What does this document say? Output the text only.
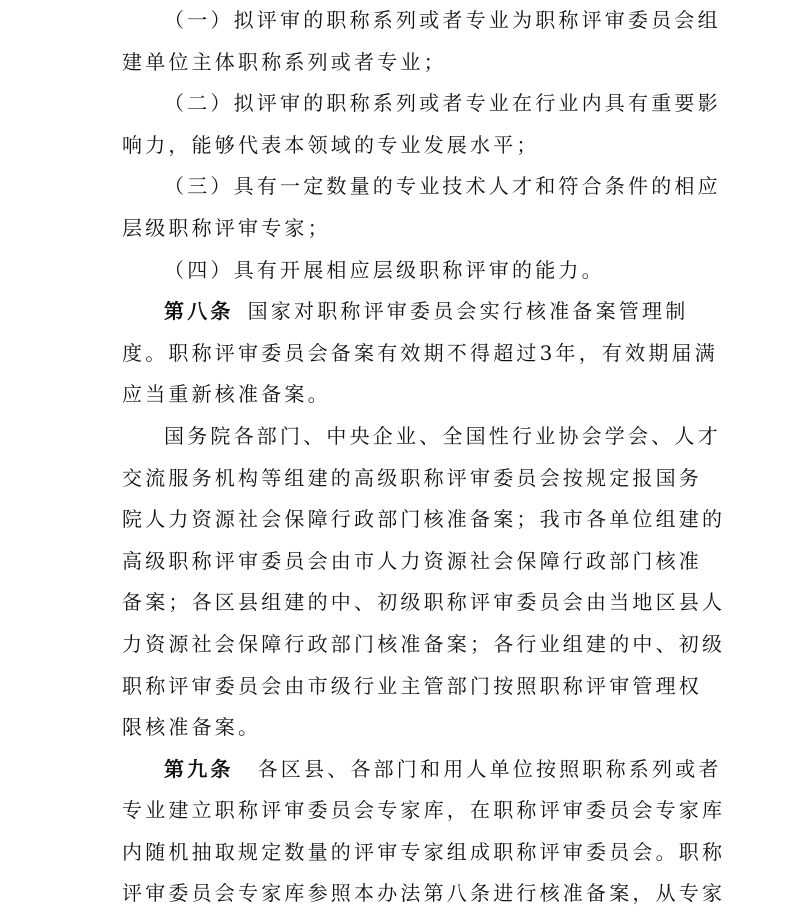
（一）拟评审的职称系列或者专业为职称评审委员会组
建单位主体职称系列或者专业；
（二）拟评审的职称系列或者专业在行业内具有重要影
响力，能够代表本领域的专业发展水平；
（三）具有一定数量的专业技术人才和符合条件的相应
层级职称评审专家；
（四）具有开展相应层级职称评审的能力。
第八条 国家对职称评审委员会实行核准备案管理制
度。职称评审委员会备案有效期不得超过3年，有效期届满
应当重新核准备案。
国务院各部门、中央企业、全国性行业协会学会、人才
交流服务机构等组建的高级职称评审委员会按规定报国务
院人力资源社会保障行政部门核准备案；我市各单位组建的
高级职称评审委员会由市人力资源社会保障行政部门核准
备案；各区县组建的中、初级职称评审委员会由当地区县人
力资源社会保障行政部门核准备案；各行业组建的中、初级
职称评审委员会由市级行业主管部门按照职称评审管理权
限核准备案。
第九条 各区县、各部门和用人单位按照职称系列或者
专业建立职称评审委员会专家库，在职称评审委员会专家库
内随机抽取规定数量的评审专家组成职称评审委员会。职称
评审委员会专家库参照本办法第八条进行核准备案，从专家
